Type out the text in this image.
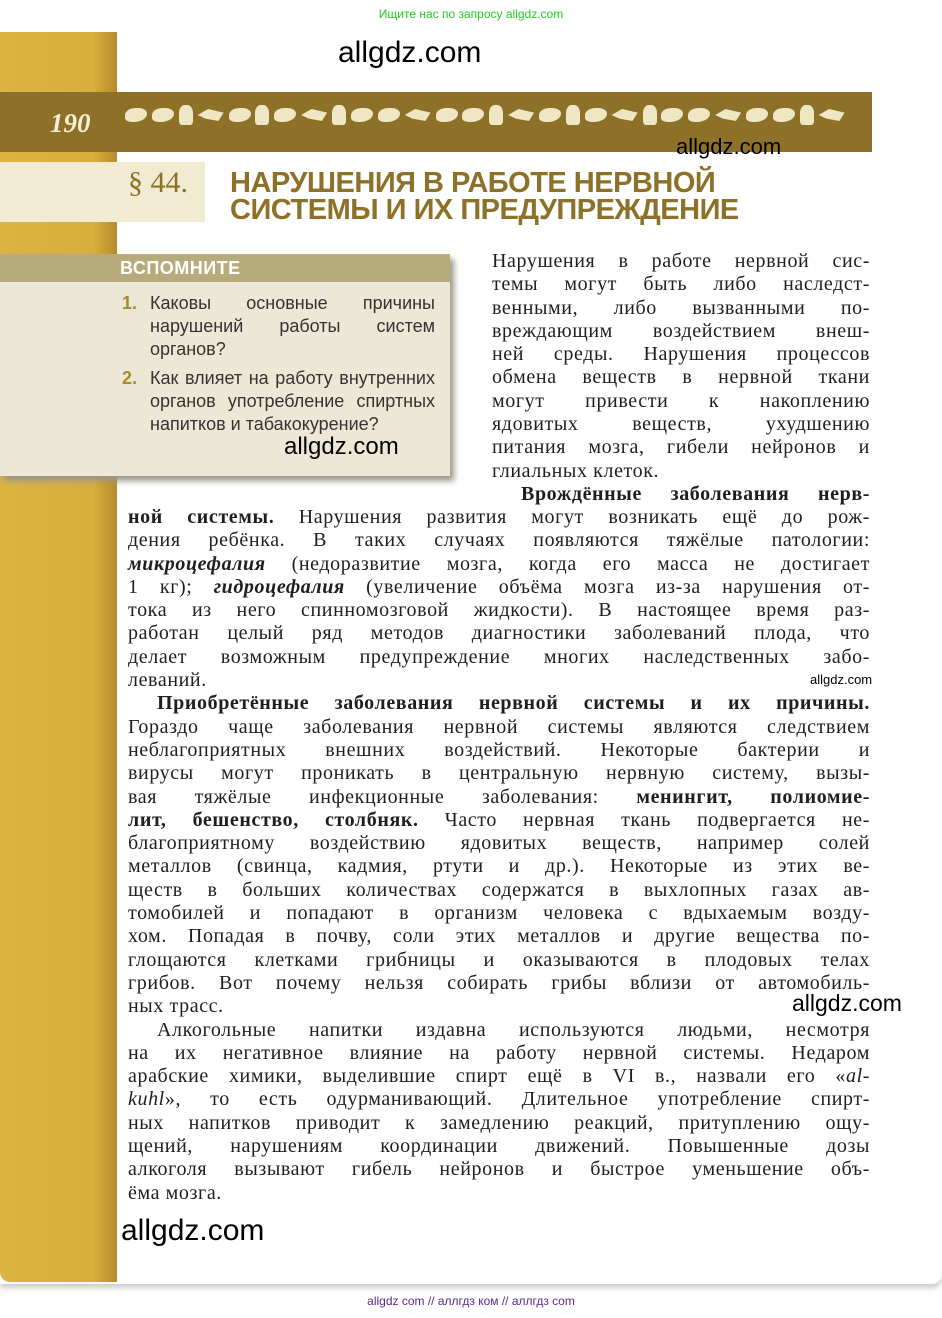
Ищите нас по запросу allgdz.com
190
§ 44. НАРУШЕНИЯ В РАБОТЕ НЕРВНОЙ
СИСТЕМЫ И ИХ ПРЕДУПРЕЖДЕНИЕ
ВСПОМНИТЕ
1. Каковы основные причины нарушений работы систем органов?
2. Как влияет на работу внутренних органов употребление спиртных напитков и табакокурение?
Нарушения в работе нервной сис-
темы могут быть либо наследст-
венными, либо вызванными по-
вреждающим воздействием внеш-
ней среды. Нарушения процессов
обмена веществ в нервной ткани
могут привести к накоплению
ядовитых веществ, ухудшению
питания мозга, гибели нейронов и
глиальных клеток.
Врождённые заболевания нерв-
ной системы. Нарушения развития могут возникать ещё до рож-
дения ребёнка. В таких случаях появляются тяжёлые патологии:
микроцефалия (недоразвитие мозга, когда его масса не достигает
1 кг); гидроцефалия (увеличение объёма мозга из-за нарушения от-
тока из него спинномозговой жидкости). В настоящее время раз-
работан целый ряд методов диагностики заболеваний плода, что
делает возможным предупреждение многих наследственных забо-
леваний.
Приобретённые заболевания нервной системы и их причины.
Гораздо чаще заболевания нервной системы являются следствием
неблагоприятных внешних воздействий. Некоторые бактерии и
вирусы могут проникать в центральную нервную систему, вызы-
вая тяжёлые инфекционные заболевания: менингит, полиомие-
лит, бешенство, столбняк. Часто нервная ткань подвергается не-
благоприятному воздействию ядовитых веществ, например солей
металлов (свинца, кадмия, ртути и др.). Некоторые из этих ве-
ществ в больших количествах содержатся в выхлопных газах ав-
томобилей и попадают в организм человека с вдыхаемым возду-
хом. Попадая в почву, соли этих металлов и другие вещества по-
глощаются клетками грибницы и оказываются в плодовых телах
грибов. Вот почему нельзя собирать грибы вблизи от автомобиль-
ных трасс.
Алкогольные напитки издавна используются людьми, несмотря
на их негативное влияние на работу нервной системы. Недаром
арабские химики, выделившие спирт ещё в VI в., назвали его «al-
kuhl», то есть одурманивающий. Длительное употребление спирт-
ных напитков приводит к замедлению реакций, притуплению ощу-
щений, нарушениям координации движений. Повышенные дозы
алкоголя вызывают гибель нейронов и быстрое уменьшение объ-
ёма мозга.
allgdz.com
allgdz.com
allgdz.com
allgdz.com
allgdz.com
allgdz.com
allgdz com // аллгдз ком // аллгдз com
